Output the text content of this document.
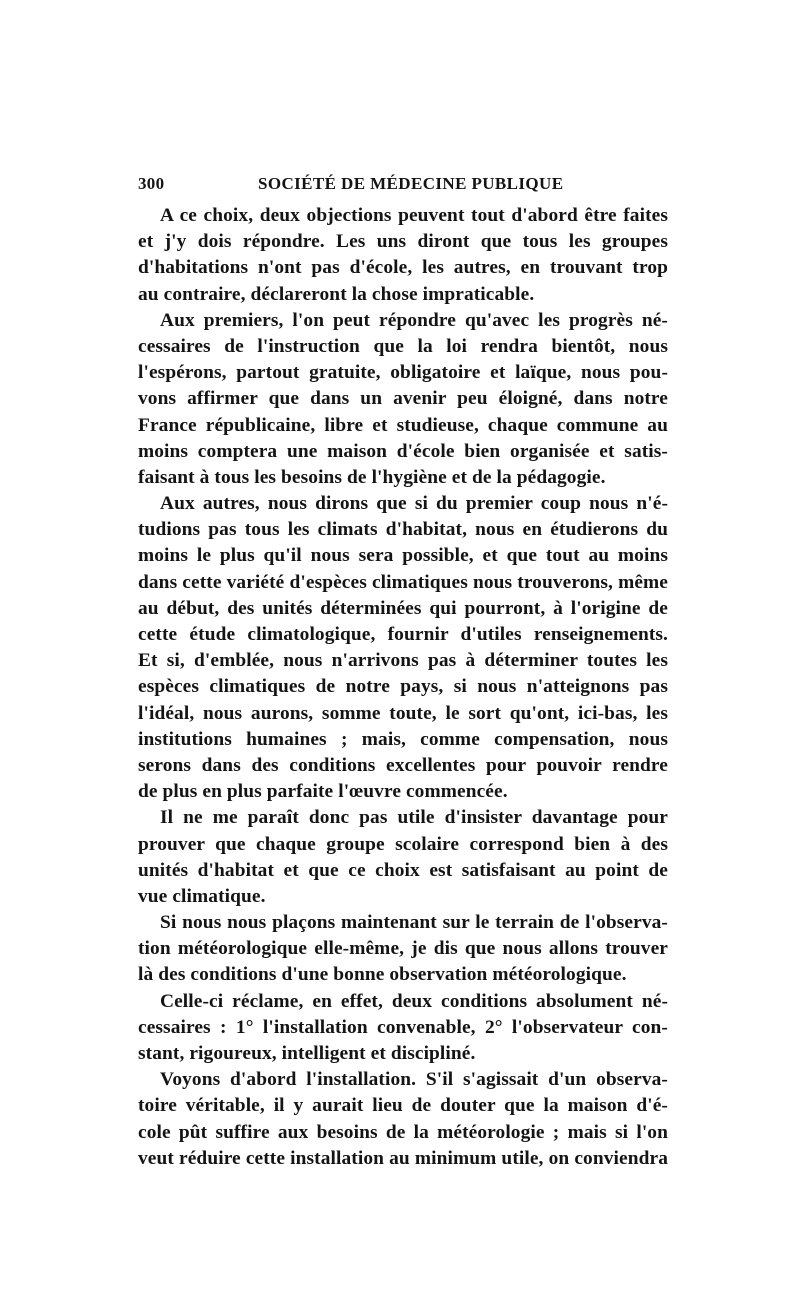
300	SOCIÉTÉ DE MÉDECINE PUBLIQUE
A ce choix, deux objections peuvent tout d'abord être faites
et j'y dois répondre. Les uns diront que tous les groupes
d'habitations n'ont pas d'école, les autres, en trouvant trop
au contraire, déclareront la chose impraticable.
Aux premiers, l'on peut répondre qu'avec les progrès né-
cessaires de l'instruction que la loi rendra bientôt, nous
l'espérons, partout gratuite, obligatoire et laïque, nous pou-
vons affirmer que dans un avenir peu éloigné, dans notre
France républicaine, libre et studieuse, chaque commune au
moins comptera une maison d'école bien organisée et satis-
faisant à tous les besoins de l'hygiène et de la pédagogie.
Aux autres, nous dirons que si du premier coup nous n'é-
tudions pas tous les climats d'habitat, nous en étudierons du
moins le plus qu'il nous sera possible, et que tout au moins
dans cette variété d'espèces climatiques nous trouverons, même
au début, des unités déterminées qui pourront, à l'origine de
cette étude climatologique, fournir d'utiles renseignements.
Et si, d'emblée, nous n'arrivons pas à déterminer toutes les
espèces climatiques de notre pays, si nous n'atteignons pas
l'idéal, nous aurons, somme toute, le sort qu'ont, ici-bas, les
institutions humaines ; mais, comme compensation, nous
serons dans des conditions excellentes pour pouvoir rendre
de plus en plus parfaite l'œuvre commencée.
Il ne me paraît donc pas utile d'insister davantage pour
prouver que chaque groupe scolaire correspond bien à des
unités d'habitat et que ce choix est satisfaisant au point de
vue climatique.
Si nous nous plaçons maintenant sur le terrain de l'observa-
tion météorologique elle-même, je dis que nous allons trouver
là des conditions d'une bonne observation météorologique.
Celle-ci réclame, en effet, deux conditions absolument né-
cessaires : 1° l'installation convenable, 2° l'observateur con-
stant, rigoureux, intelligent et discipliné.
Voyons d'abord l'installation. S'il s'agissait d'un observa-
toire véritable, il y aurait lieu de douter que la maison d'é-
cole pût suffire aux besoins de la météorologie ; mais si l'on
veut réduire cette installation au minimum utile, on conviendra
